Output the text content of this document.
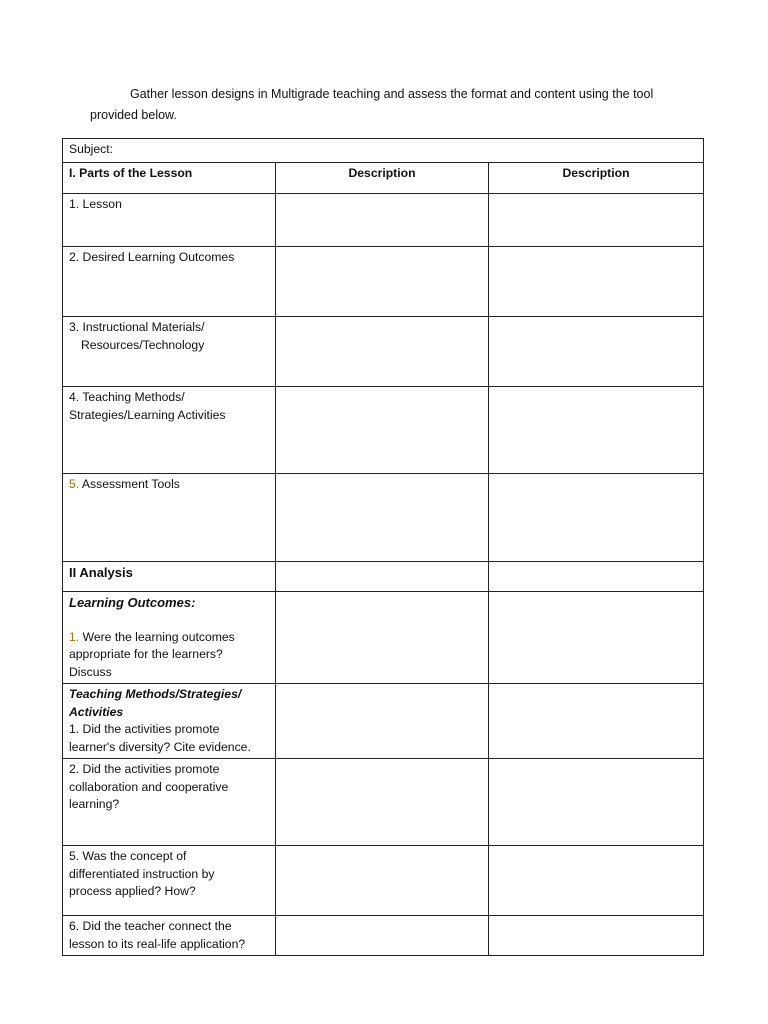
Gather lesson designs in Multigrade teaching and assess the format and content using the tool
provided below.
Subject:		
I. Parts of the Lesson	Description	Description
1. Lesson		
2. Desired Learning Outcomes		
3. Instructional Materials/

Resources/Technology		

4. Teaching Methods/
Strategies/Learning Activities		
5. Assessment Tools		
II Analysis		
Learning Outcomes:
1. Were the learning outcomes
appropriate for the learners?
Discuss		
Teaching Methods/Strategies/
Activities
1. Did the activities promote
learner's diversity? Cite evidence.		
2. Did the activities promote
collaboration and cooperative
learning?		
5. Was the concept of
differentiated instruction by
process applied? How?		
6. Did the teacher connect the
lesson to its real-life application?		
